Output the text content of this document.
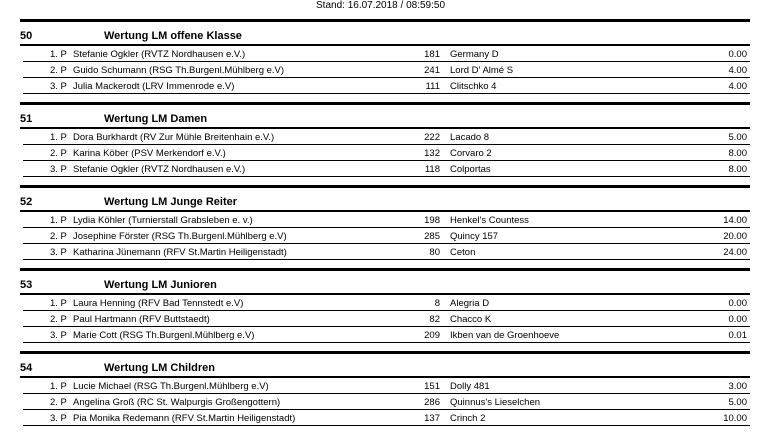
Stand: 16.07.2018 / 08:59:50
50	Wertung LM offene Klasse
1. P Stefanie Ogkler (RVTZ Nordhausen e.V.)	181 Germany D	0.00
2. P Guido Schumann (RSG Th.Burgenl.Mühlberg e.V)	241 Lord D' Almé S	4.00
3. P Julia Mackerodt (LRV Immenrode e.V)	111 Clitschko 4	4.00
51	Wertung LM Damen
1. P Dora Burkhardt (RV Zur Mühle Breitenhain e.V.)	222 Lacado 8	5.00
2. P Karina Köber (PSV Merkendorf e.V.)	132 Corvaro 2	8.00
3. P Stefanie Ogkler (RVTZ Nordhausen e.V.)	118 Colportas	8.00
52	Wertung LM Junge Reiter
1. P Lydia Köhler (Turnierstall Grabsleben e. v.)	198 Henkel's Countess	14.00
2. P Josephine Förster (RSG Th.Burgenl.Mühlberg e.V)	285 Quincy 157	20.00
3. P Katharina Jünemann (RFV St.Martin Heiligenstadt)	80 Ceton	24.00
53	Wertung LM Junioren
1. P Laura Henning (RFV Bad Tennstedt e.V)	8 Alegria D	0.00
2. P Paul Hartmann (RFV Buttstaedt)	82 Chacco K	0.00
3. P Marie Cott (RSG Th.Burgenl.Mühlberg e.V)	209 Ikben van de Groenhoeve	0.01
54	Wertung LM Children
1. P Lucie Michael (RSG Th.Burgenl.Mühlberg e.V)	151 Dolly 481	3.00
2. P Angelina Groß (RC St. Walpurgis Großengottern)	286 Quinnus's Lieselchen	5.00
3. P Pia Monika Redemann (RFV St.Martin Heiligenstadt)	137 Crinch 2	10.00
